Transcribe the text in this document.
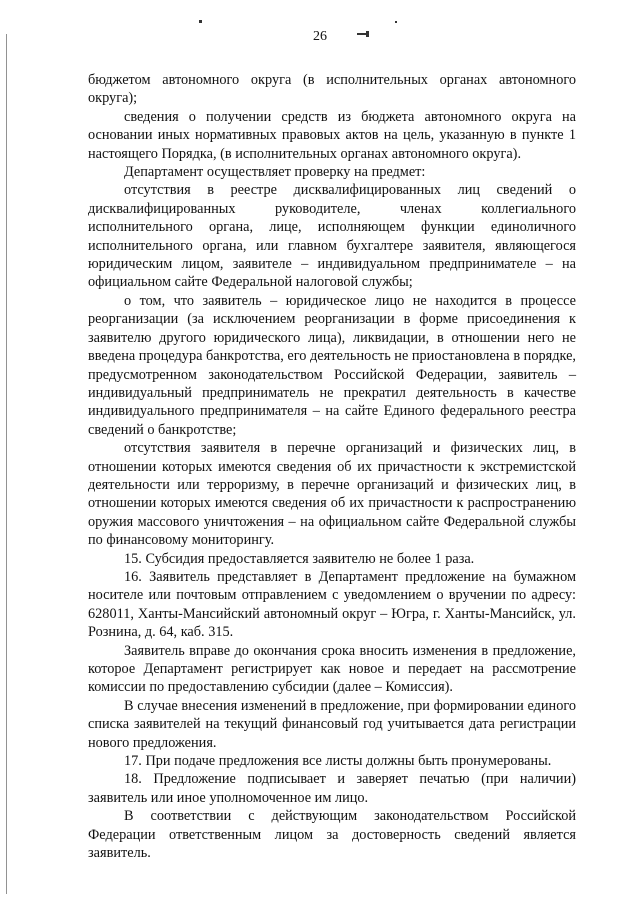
26

бюджетом автономного округа (в исполнительных органах автономного округа);

сведения о получении средств из бюджета автономного округа на основании иных нормативных правовых актов на цель, указанную в пункте 1 настоящего Порядка, (в исполнительных органах автономного округа).

Департамент осуществляет проверку на предмет:

отсутствия в реестре дисквалифицированных лиц сведений о дисквалифицированных руководителе, членах коллегиального исполнительного органа, лице, исполняющем функции единоличного исполнительного органа, или главном бухгалтере заявителя, являющегося юридическим лицом, заявителе – индивидуальном предпринимателе – на официальном сайте Федеральной налоговой службы;

о том, что заявитель – юридическое лицо не находится в процессе реорганизации (за исключением реорганизации в форме присоединения к заявителю другого юридического лица), ликвидации, в отношении него не введена процедура банкротства, его деятельность не приостановлена в порядке, предусмотренном законодательством Российской Федерации, заявитель – индивидуальный предприниматель не прекратил деятельность в качестве индивидуального предпринимателя – на сайте Единого федерального реестра сведений о банкротстве;

отсутствия заявителя в перечне организаций и физических лиц, в отношении которых имеются сведения об их причастности к экстремистской деятельности или терроризму, в перечне организаций и физических лиц, в отношении которых имеются сведения об их причастности к распространению оружия массового уничтожения – на официальном сайте Федеральной службы по финансовому мониторингу.

15. Субсидия предоставляется заявителю не более 1 раза.

16. Заявитель представляет в Департамент предложение на бумажном носителе или почтовым отправлением с уведомлением о вручении по адресу: 628011, Ханты-Мансийский автономный округ – Югра, г. Ханты-Мансийск, ул. Рознина, д. 64, каб. 315.

Заявитель вправе до окончания срока вносить изменения в предложение, которое Департамент регистрирует как новое и передает на рассмотрение комиссии по предоставлению субсидии (далее – Комиссия).

В случае внесения изменений в предложение, при формировании единого списка заявителей на текущий финансовый год учитывается дата регистрации нового предложения.

17. При подаче предложения все листы должны быть пронумерованы.

18. Предложение подписывает и заверяет печатью (при наличии) заявитель или иное уполномоченное им лицо.

В соответствии с действующим законодательством Российской Федерации ответственным лицом за достоверность сведений является заявитель.
